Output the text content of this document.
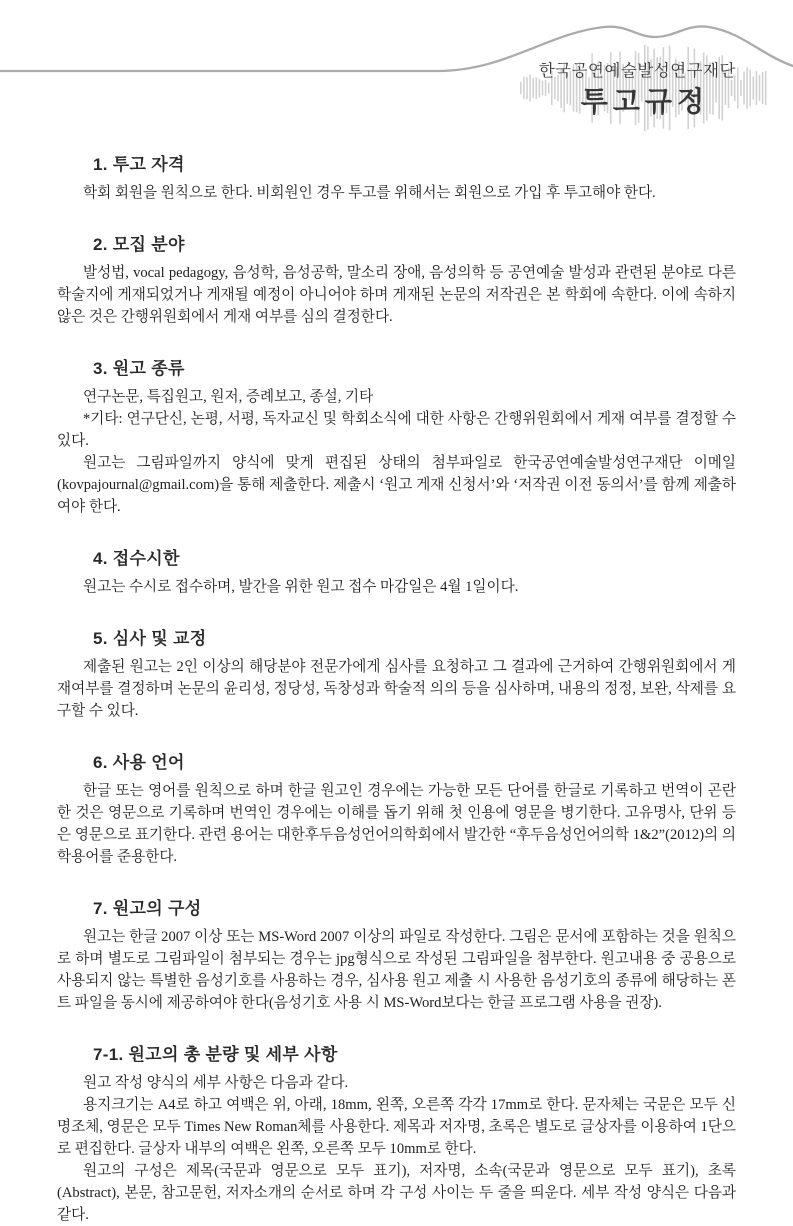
한국공연예술발성연구재단
투고규정
1. 투고 자격

학회 회원을 원칙으로 한다. 비회원인 경우 투고를 위해서는 회원으로 가입 후 투고해야 한다.

2. 모집 분야

발성법, vocal pedagogy, 음성학, 음성공학, 말소리 장애, 음성의학 등 공연예술 발성과 관련된 분야로 다른 학술지에 게재되었거나 게재될 예정이 아니어야 하며 게재된 논문의 저작권은 본 학회에 속한다. 이에 속하지 않은 것은 간행위원회에서 게재 여부를 심의 결정한다.

3. 원고 종류

연구논문, 특집원고, 원저, 증례보고, 종설, 기타

*기타: 연구단신, 논평, 서평, 독자교신 및 학회소식에 대한 사항은 간행위원회에서 게재 여부를 결정할 수 있다.

원고는 그림파일까지 양식에 맞게 편집된 상태의 첨부파일로 한국공연예술발성연구재단 이메일(kovpajournal@gmail.com)을 통해 제출한다. 제출시 ‘원고 게재 신청서’와 ‘저작권 이전 동의서’를 함께 제출하여야 한다.

4. 접수시한

원고는 수시로 접수하며, 발간을 위한 원고 접수 마감일은 4월 1일이다.

5. 심사 및 교정

제출된 원고는 2인 이상의 해당분야 전문가에게 심사를 요청하고 그 결과에 근거하여 간행위원회에서 게재여부를 결정하며 논문의 윤리성, 정당성, 독창성과 학술적 의의 등을 심사하며, 내용의 정정, 보완, 삭제를 요구할 수 있다.

6. 사용 언어

한글 또는 영어를 원칙으로 하며 한글 원고인 경우에는 가능한 모든 단어를 한글로 기록하고 번역이 곤란한 것은 영문으로 기록하며 번역인 경우에는 이해를 돕기 위해 첫 인용에 영문을 병기한다. 고유명사, 단위 등은 영문으로 표기한다. 관련 용어는 대한후두음성언어의학회에서 발간한 “후두음성언어의학 1&2”(2012)의 의학용어를 준용한다.

7. 원고의 구성

원고는 한글 2007 이상 또는 MS-Word 2007 이상의 파일로 작성한다. 그림은 문서에 포함하는 것을 원칙으로 하며 별도로 그림파일이 첨부되는 경우는 jpg형식으로 작성된 그림파일을 첨부한다. 원고내용 중 공용으로 사용되지 않는 특별한 음성기호를 사용하는 경우, 심사용 원고 제출 시 사용한 음성기호의 종류에 해당하는 폰트 파일을 동시에 제공하여야 한다(음성기호 사용 시 MS-Word보다는 한글 프로그램 사용을 권장).

7-1. 원고의 총 분량 및 세부 사항

원고 작성 양식의 세부 사항은 다음과 같다.

용지크기는 A4로 하고 여백은 위, 아래, 18mm, 왼쪽, 오른쪽 각각 17mm로 한다. 문자체는 국문은 모두 신명조체, 영문은 모두 Times New Roman체를 사용한다. 제목과 저자명, 초록은 별도로 글상자를 이용하여 1단으로 편집한다. 글상자 내부의 여백은 왼쪽, 오른쪽 모두 10mm로 한다.

원고의 구성은 제목(국문과 영문으로 모두 표기), 저자명, 소속(국문과 영문으로 모두 표기), 초록(Abstract), 본문, 참고문헌, 저자소개의 순서로 하며 각 구성 사이는 두 줄을 띄운다. 세부 작성 양식은 다음과 같다.
